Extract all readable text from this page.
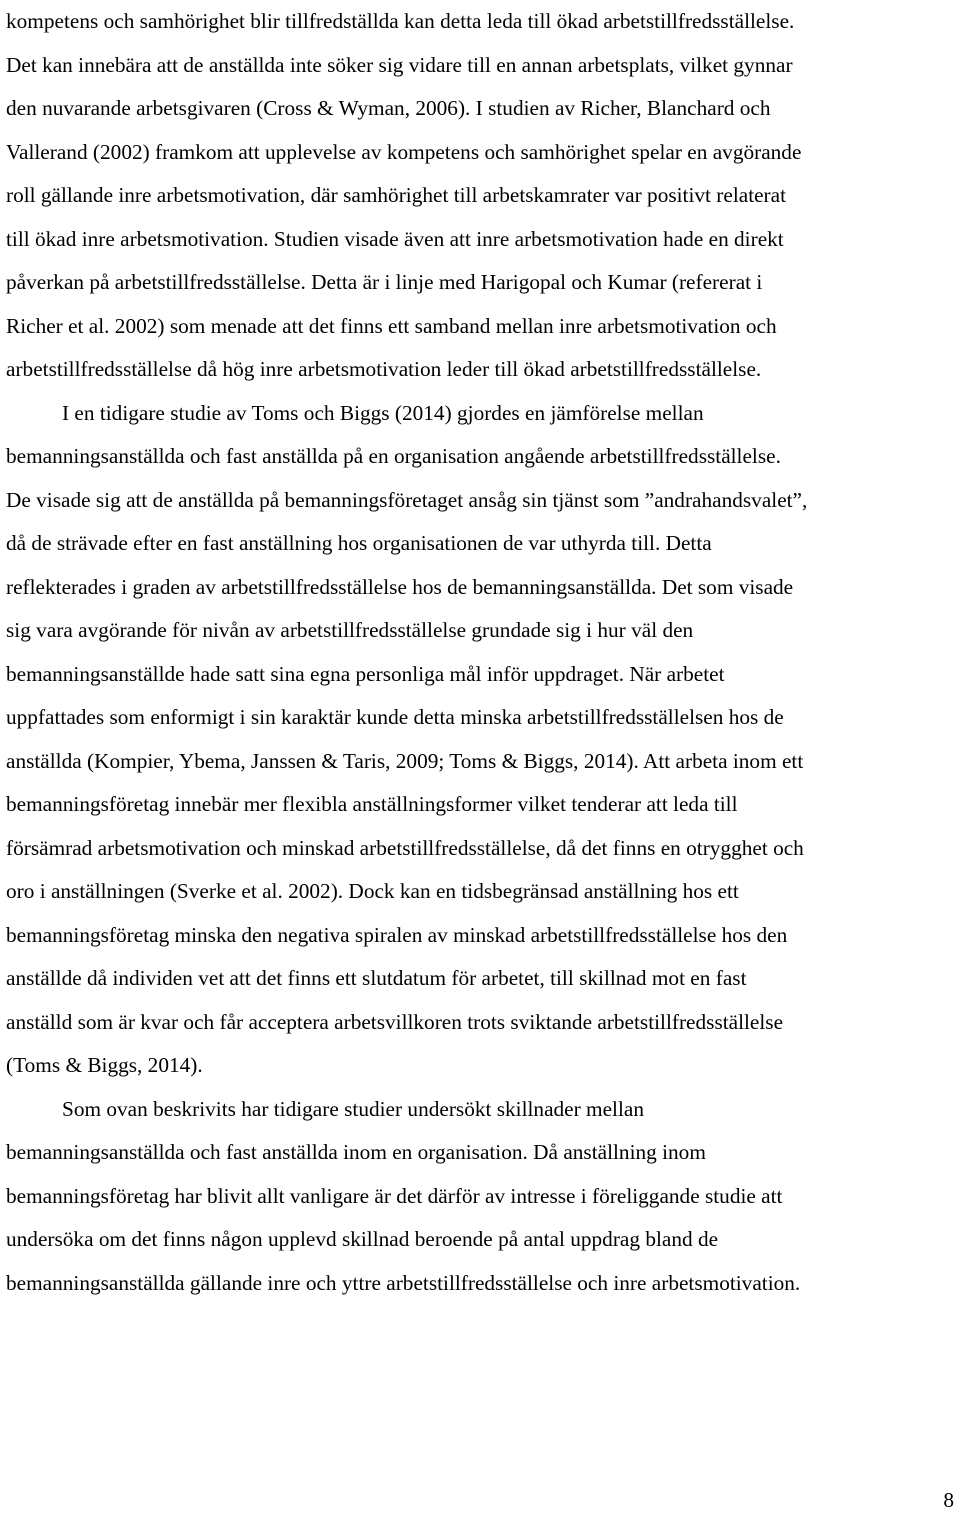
kompetens och samhörighet blir tillfredställda kan detta leda till ökad arbetstillfredsställelse.
Det kan innebära att de anställda inte söker sig vidare till en annan arbetsplats, vilket gynnar
den nuvarande arbetsgivaren (Cross & Wyman, 2006). I studien av Richer, Blanchard och
Vallerand (2002) framkom att upplevelse av kompetens och samhörighet spelar en avgörande
roll gällande inre arbetsmotivation, där samhörighet till arbetskamrater var positivt relaterat
till ökad inre arbetsmotivation. Studien visade även att inre arbetsmotivation hade en direkt
påverkan på arbetstillfredsställelse. Detta är i linje med Harigopal och Kumar (refererat i
Richer et al. 2002) som menade att det finns ett samband mellan inre arbetsmotivation och
arbetstillfredsställelse då hög inre arbetsmotivation leder till ökad arbetstillfredsställelse.
I en tidigare studie av Toms och Biggs (2014) gjordes en jämförelse mellan
bemanningsanställda och fast anställda på en organisation angående arbetstillfredsställelse.
De visade sig att de anställda på bemanningsföretaget ansåg sin tjänst som ”andrahandsvalet”,
då de strävade efter en fast anställning hos organisationen de var uthyrda till. Detta
reflekterades i graden av arbetstillfredsställelse hos de bemanningsanställda. Det som visade
sig vara avgörande för nivån av arbetstillfredsställelse grundade sig i hur väl den
bemanningsanställde hade satt sina egna personliga mål inför uppdraget. När arbetet
uppfattades som enformigt i sin karaktär kunde detta minska arbetstillfredsställelsen hos de
anställda (Kompier, Ybema, Janssen & Taris, 2009; Toms & Biggs, 2014). Att arbeta inom ett
bemanningsföretag innebär mer flexibla anställningsformer vilket tenderar att leda till
försämrad arbetsmotivation och minskad arbetstillfredsställelse, då det finns en otrygghet och
oro i anställningen (Sverke et al. 2002). Dock kan en tidsbegränsad anställning hos ett
bemanningsföretag minska den negativa spiralen av minskad arbetstillfredsställelse hos den
anställde då individen vet att det finns ett slutdatum för arbetet, till skillnad mot en fast
anställd som är kvar och får acceptera arbetsvillkoren trots sviktande arbetstillfredsställelse
(Toms & Biggs, 2014).
Som ovan beskrivits har tidigare studier undersökt skillnader mellan
bemanningsanställda och fast anställda inom en organisation. Då anställning inom
bemanningsföretag har blivit allt vanligare är det därför av intresse i föreliggande studie att
undersöka om det finns någon upplevd skillnad beroende på antal uppdrag bland de
bemanningsanställda gällande inre och yttre arbetstillfredsställelse och inre arbetsmotivation.
8
